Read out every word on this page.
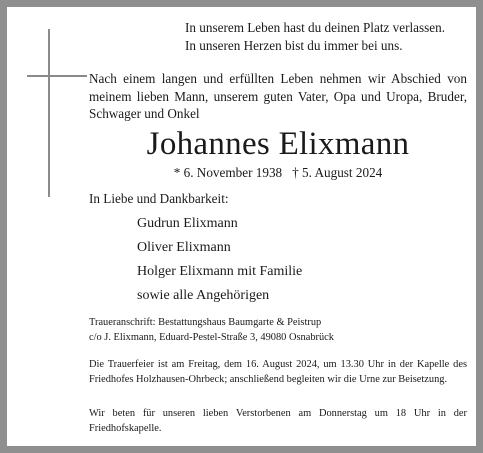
In unserem Leben hast du deinen Platz verlassen.
In unseren Herzen bist du immer bei uns.
Nach einem langen und erfüllten Leben nehmen wir Abschied von meinem lieben Mann, unserem guten Vater, Opa und Uropa, Bruder, Schwager und Onkel
Johannes Elixmann
* 6. November 1938 † 5. August 2024
In Liebe und Dankbarkeit:
Gudrun Elixmann
Oliver Elixmann
Holger Elixmann mit Familie
sowie alle Angehörigen
Traueranschrift: Bestattungshaus Baumgarte & Peistrup
c/o J. Elixmann, Eduard-Pestel-Straße 3, 49080 Osnabrück
Die Trauerfeier ist am Freitag, dem 16. August 2024, um 13.30 Uhr in der Kapelle des Friedhofes Holzhausen-Ohrbeck; anschließend begleiten wir die Urne zur Beisetzung.
Wir beten für unseren lieben Verstorbenen am Donnerstag um 18 Uhr in der Friedhofskapelle.
